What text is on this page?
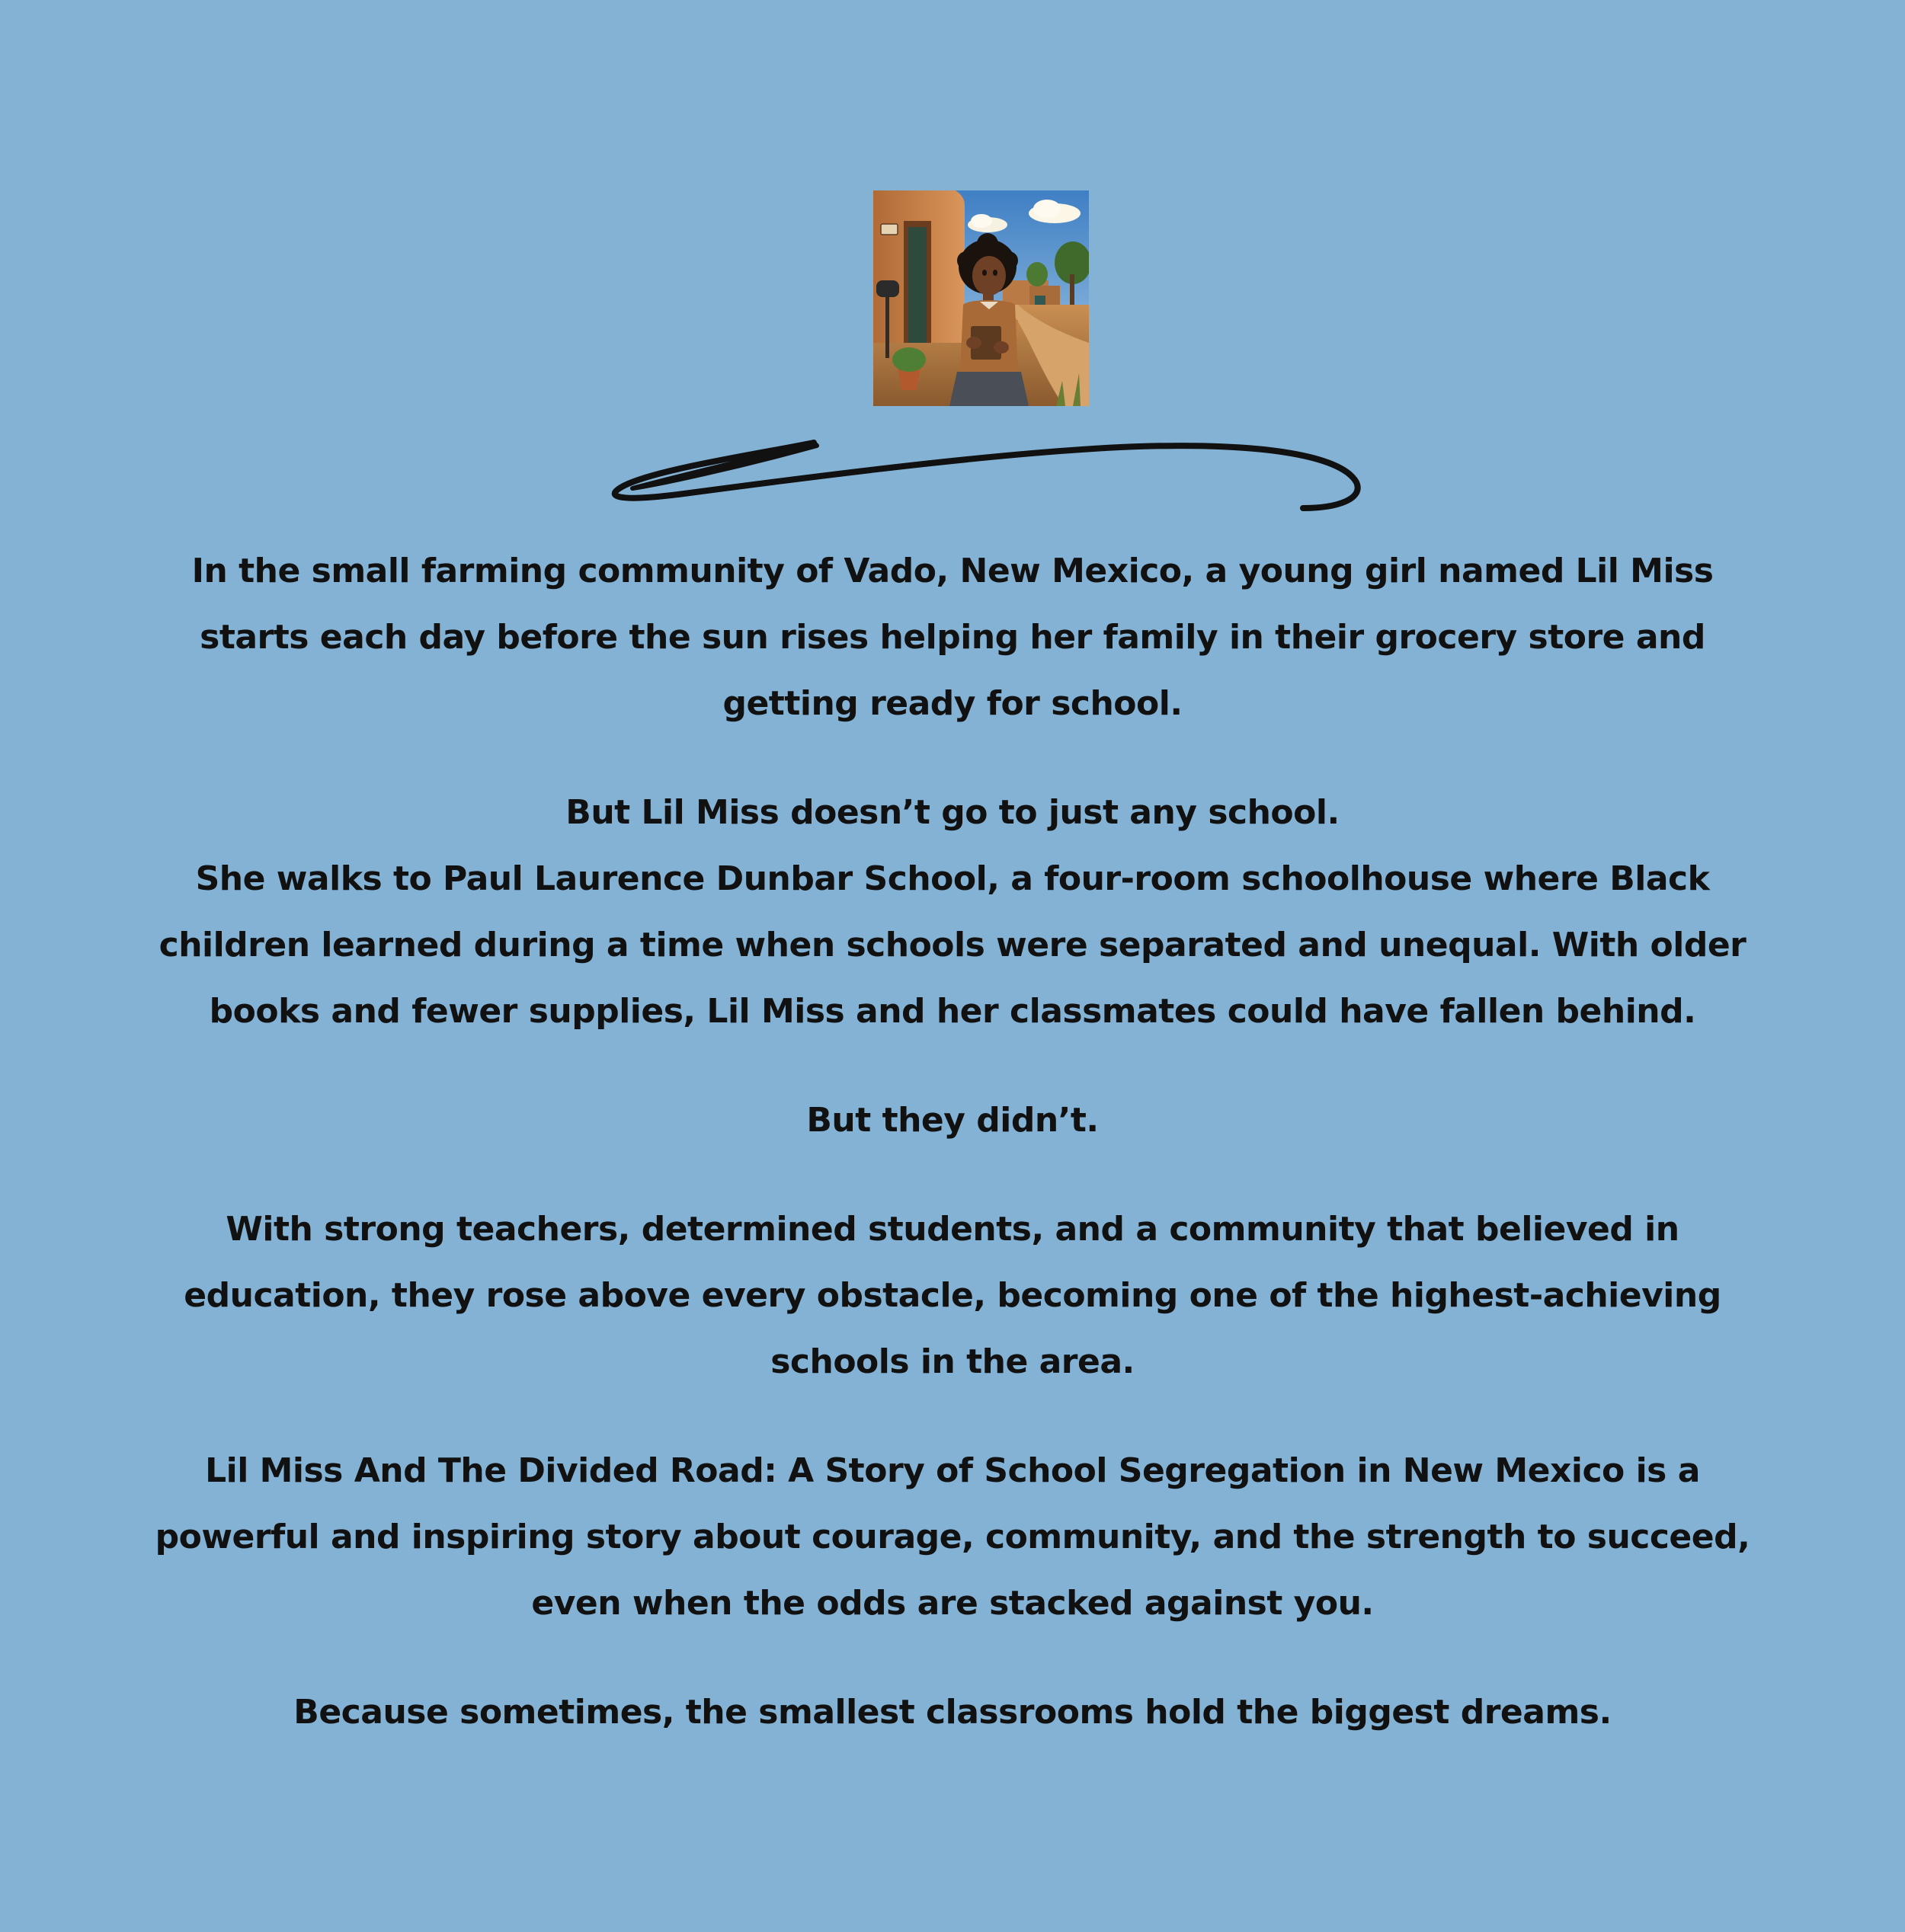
In the small farming community of Vado, New Mexico, a young girl named Lil Miss starts each day before the sun rises helping her family in their grocery store and getting ready for school.

But Lil Miss doesn’t go to just any school.

She walks to Paul Laurence Dunbar School, a four-room schoolhouse where Black children learned during a time when schools were separated and unequal. With older books and fewer supplies, Lil Miss and her classmates could have fallen behind.

But they didn’t.

With strong teachers, determined students, and a community that believed in education, they rose above every obstacle, becoming one of the highest-achieving schools in the area.

Lil Miss And The Divided Road: A Story of School Segregation in New Mexico is a powerful and inspiring story about courage, community, and the strength to succeed, even when the odds are stacked against you.

Because sometimes, the smallest classrooms hold the biggest dreams.
